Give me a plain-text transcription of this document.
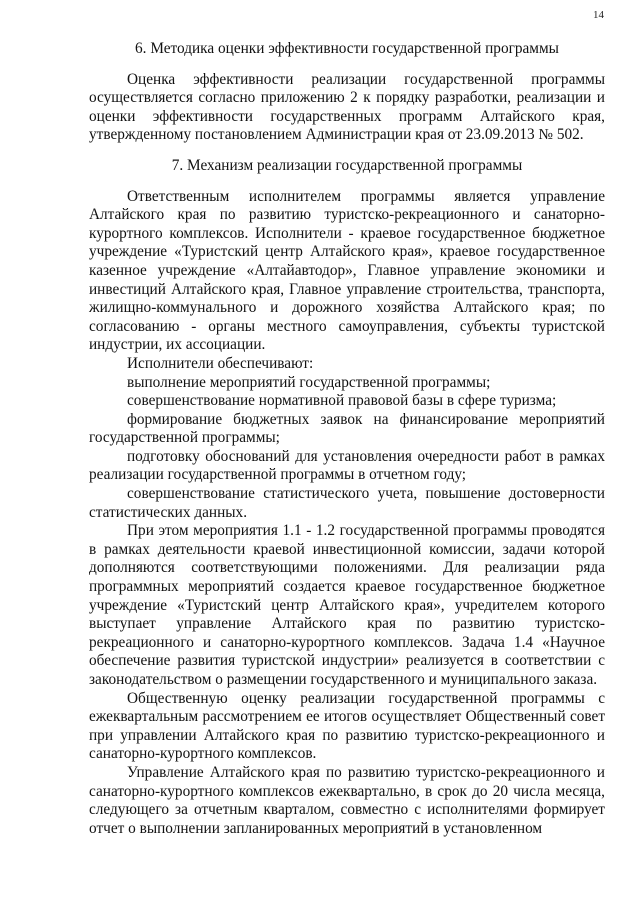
14
6. Методика оценки эффективности государственной программы

Оценка эффективности реализации государственной программы осуществляется согласно приложению 2 к порядку разработки, реализации и оценки эффективности государственных программ Алтайского края, утвержденному постановлением Администрации края от 23.09.2013 № 502.

7. Механизм реализации государственной программы

Ответственным исполнителем программы является управление Алтайского края по развитию туристско-рекреационного и санаторно-курортного комплексов. Исполнители - краевое государственное бюджетное учреждение «Туристский центр Алтайского края», краевое государственное казенное учреждение «Алтайавтодор», Главное управление экономики и инвестиций Алтайского края, Главное управление строительства, транспорта, жилищно-коммунального и дорожного хозяйства Алтайского края; по согласованию - органы местного самоуправления, субъекты туристской индустрии, их ассоциации.

Исполнители обеспечивают:

выполнение мероприятий государственной программы;

совершенствование нормативной правовой базы в сфере туризма;

формирование бюджетных заявок на финансирование мероприятий государственной программы;

подготовку обоснований для установления очередности работ в рамках реализации государственной программы в отчетном году;

совершенствование статистического учета, повышение достоверности статистических данных.

При этом мероприятия 1.1 - 1.2 государственной программы проводятся в рамках деятельности краевой инвестиционной комиссии, задачи которой дополняются соответствующими положениями. Для реализации ряда программных мероприятий создается краевое государственное бюджетное учреждение «Туристский центр Алтайского края», учредителем которого выступает управление Алтайского края по развитию туристско-рекреационного и санаторно-курортного комплексов. Задача 1.4 «Научное обеспечение развития туристской индустрии» реализуется в соответствии с законодательством о размещении государственного и муниципального заказа.

Общественную оценку реализации государственной программы с ежеквартальным рассмотрением ее итогов осуществляет Общественный совет при управлении Алтайского края по развитию туристско-рекреационного и санаторно-курортного комплексов.

Управление Алтайского края по развитию туристско-рекреационного и санаторно-курортного комплексов ежеквартально, в срок до 20 числа месяца, следующего за отчетным кварталом, совместно с исполнителями формирует отчет о выполнении запланированных мероприятий в установленном
